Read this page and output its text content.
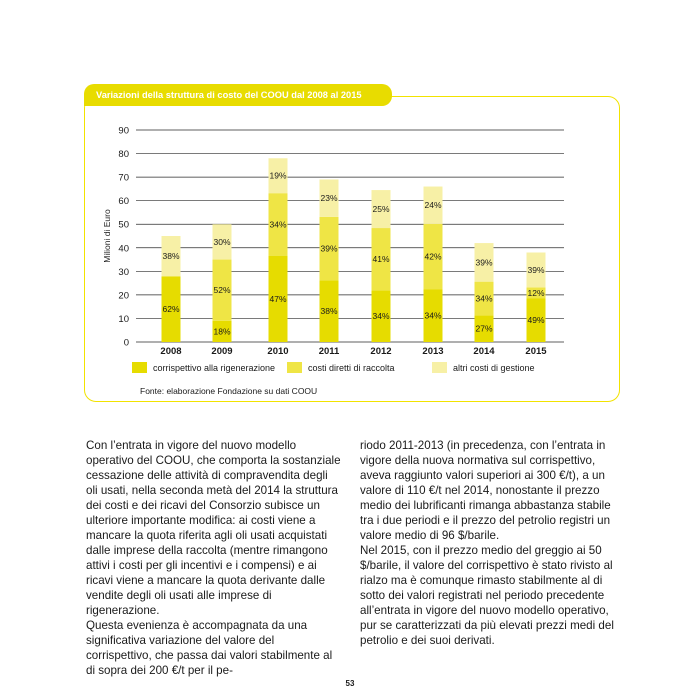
Variazioni della struttura di costo del COOU dal 2008 al 2015
90
80
70
60
50
40
30
20
10
0
Milioni di Euro
62%
38%
2008
18%
52%
30%
2009
47%
34%
19%
2010
38%
39%
23%
2011
34%
41%
25%
2012
34%
42%
24%
2013
27%
34%
39%
2014
49%
12%
39%
2015
corrispettivo alla rigenerazione	costi diretti di raccolta	altri costi di gestione
Fonte: elaborazione Fondazione su dati COOU

Con l’entrata in vigore del nuovo modello operativo del COOU, che comporta la sostanziale cessazione delle attività di compravendita degli oli usati, nella seconda metà del 2014 la struttura dei costi e dei ricavi del Consorzio subisce un ulteriore importante modifica: ai costi viene a mancare la quota riferita agli oli usati acquistati dalle imprese della raccolta (mentre rimangono attivi i costi per gli incentivi e i compensi) e ai ricavi viene a mancare la quota derivante dalle vendite degli oli usati alle imprese di rigenerazione.

Questa evenienza è accompagnata da una significativa variazione del valore del corrispettivo, che passa dai valori stabilmente al di sopra dei 200 €/t per il pe-

riodo 2011-2013 (in precedenza, con l’entrata in vigore della nuova normativa sul corrispettivo, aveva raggiunto valori superiori ai 300 €/t), a un valore di 110 €/t nel 2014, nonostante il prezzo medio dei lubrificanti rimanga abbastanza stabile tra i due periodi e il prezzo del petrolio registri un valore medio di 96 $/barile.

Nel 2015, con il prezzo medio del greggio ai 50 $/barile, il valore del corrispettivo è stato rivisto al rialzo ma è comunque rimasto stabilmente al di sotto dei valori registrati nel periodo precedente all’entrata in vigore del nuovo modello operativo, pur se caratterizzati da più elevati prezzi medi del petrolio e dei suoi derivati.

53
